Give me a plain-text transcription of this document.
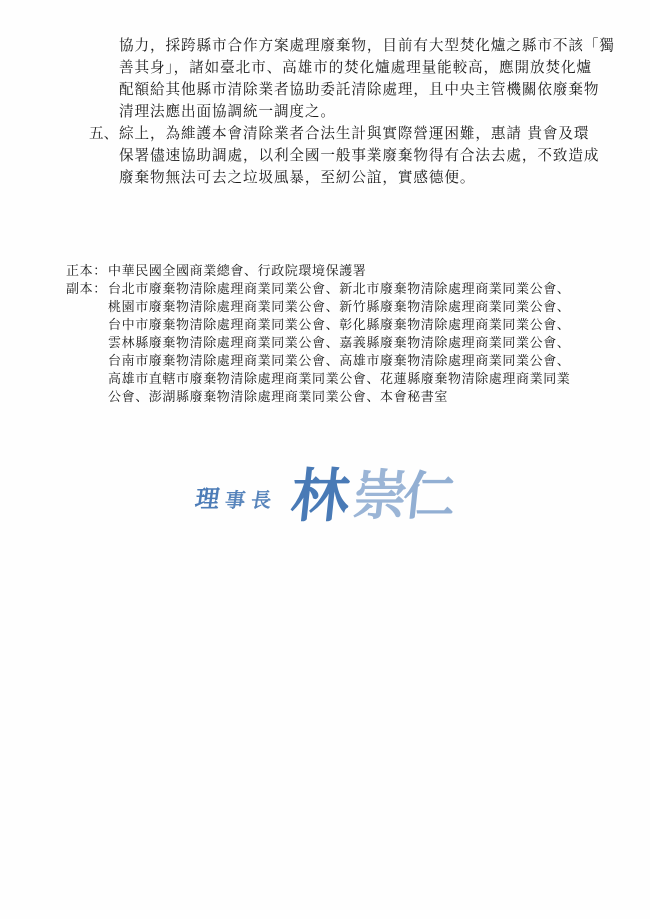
協力，採跨縣市合作方案處理廢棄物，目前有大型焚化爐之縣市不該「獨
善其身」，諸如臺北市、高雄市的焚化爐處理量能較高，應開放焚化爐
配額給其他縣市清除業者協助委託清除處理，且中央主管機關依廢棄物
清理法應出面協調統一調度之。
五、 綜上，為維護本會清除業者合法生計與實際營運困難，惠請 貴會及環
保署儘速協助調處，以利全國一般事業廢棄物得有合法去處，不致造成
廢棄物無法可去之垃圾風暴，至紉公誼，實感德便。
正本： 中華民國全國商業總會、行政院環境保護署
副本： 台北市廢棄物清除處理商業同業公會、新北市廢棄物清除處理商業同業公會、
桃園市廢棄物清除處理商業同業公會、新竹縣廢棄物清除處理商業同業公會、
台中市廢棄物清除處理商業同業公會、彰化縣廢棄物清除處理商業同業公會、
雲林縣廢棄物清除處理商業同業公會、嘉義縣廢棄物清除處理商業同業公會、
台南市廢棄物清除處理商業同業公會、高雄市廢棄物清除處理商業同業公會、
高雄市直轄市廢棄物清除處理商業同業公會、花蓮縣廢棄物清除處理商業同業
公會、澎湖縣廢棄物清除處理商業同業公會、本會秘書室
理 事 長 林
崇
仁
